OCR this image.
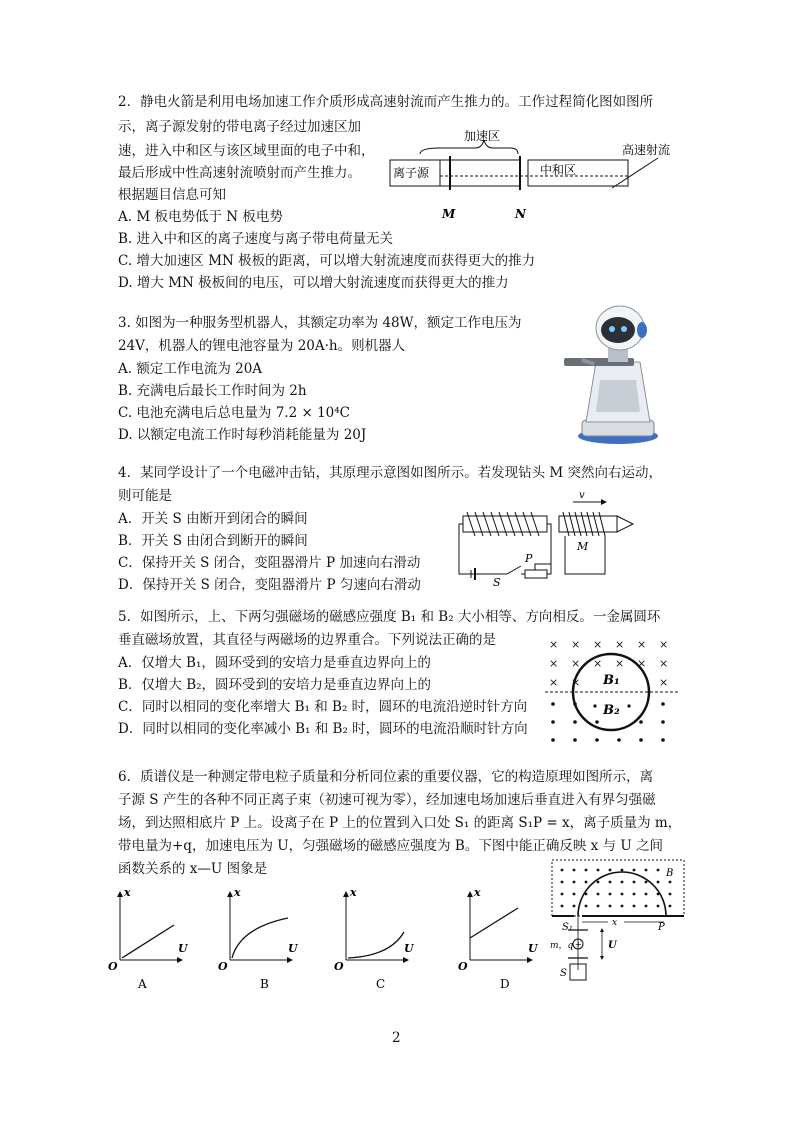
2．静电火箭是利用电场加速工作介质形成高速射流而产生推力的。工作过程简化图如图所
示，离子源发射的带电离子经过加速区加
速，进入中和区与该区域里面的电子中和，
最后形成中性高速射流喷射而产生推力。
根据题目信息可知
A. M 板电势低于 N 板电势
B. 进入中和区的离子速度与离子带电荷量无关
C. 增大加速区 MN 极板的距离，可以增大射流速度而获得更大的推力
D. 增大 MN 极板间的电压，可以增大射流速度而获得更大的推力
加速区
离子源	中和区
高速射流
M	N
3. 如图为一种服务型机器人，其额定功率为 48W，额定工作电压为
24V，机器人的锂电池容量为 20A·h。则机器人
A. 额定工作电流为 20A
B. 充满电后最长工作时间为 2h
C. 电池充满电后总电量为 7.2 × 10⁴C
D. 以额定电流工作时每秒消耗能量为 20J
4．某同学设计了一个电磁冲击钻，其原理示意图如图所示。若发现钻头 M 突然向右运动，
则可能是
A．开关 S 由断开到闭合的瞬间
B．开关 S 由闭合到断开的瞬间
C．保持开关 S 闭合，变阻器滑片 P 加速向右滑动
D．保持开关 S 闭合，变阻器滑片 P 匀速向右滑动	S
P
M
v
5．如图所示，上、下两匀强磁场的磁感应强度 B₁ 和 B₂ 大小相等、方向相反。一金属圆环
垂直磁场放置，其直径与两磁场的边界重合。下列说法正确的是
A．仅增大 B₁，圆环受到的安培力是垂直边界向上的
B．仅增大 B₂，圆环受到的安培力是垂直边界向上的
C．同时以相同的变化率增大 B₁ 和 B₂ 时，圆环的电流沿逆时针方向
D．同时以相同的变化率减小 B₁ 和 B₂ 时，圆环的电流沿顺时针方向
× × × × × ×
× × × × × ×
× ×	×
B₁
B₂
6．质谱仪是一种测定带电粒子质量和分析同位素的重要仪器，它的构造原理如图所示，离
子源 S 产生的各种不同正离子束（初速可视为零），经加速电场加速后垂直进入有界匀强磁
场，到达照相底片 P 上。设离子在 P 上的位置到入口处 S₁ 的距离 S₁P = x，离子质量为 m，
带电量为+q，加速电压为 U，匀强磁场的磁感应强度为 B。下图中能正确反映 x 与 U 之间
函数关系的 x—U 图象是
x
U
O
A
x
U
O
B
x
U
O
C
x
U
O
D
B
S₁	P
x
+
m，q	U
S
2
